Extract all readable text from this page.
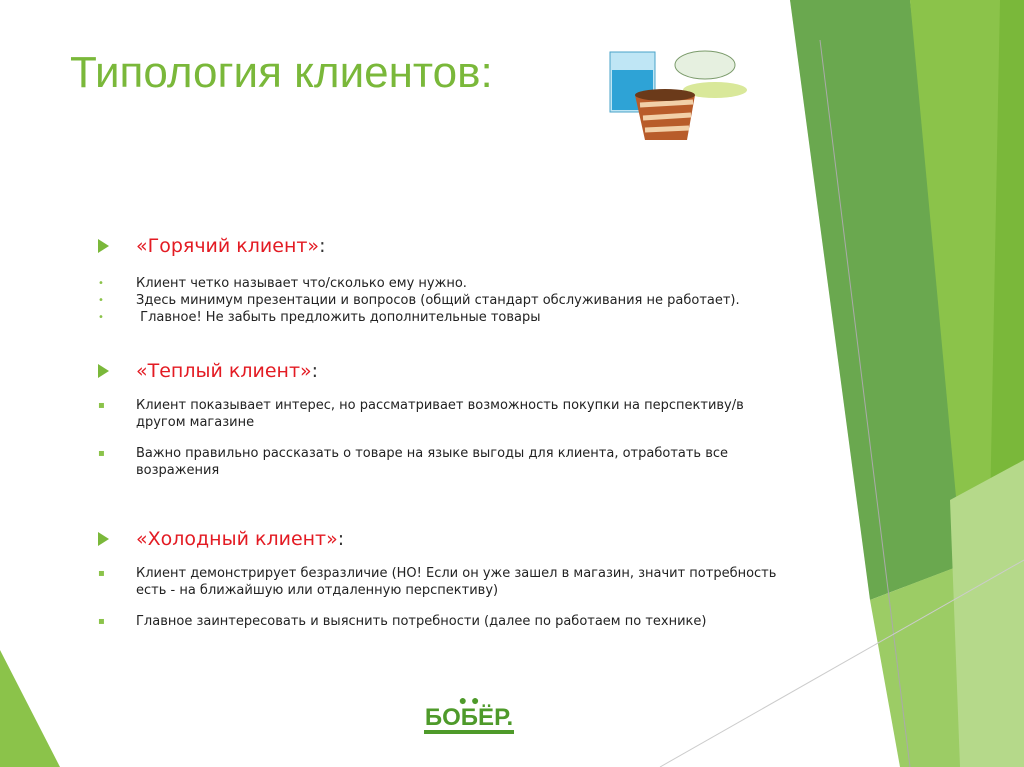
Типология клиентов:
«Горячий клиент»:
• Клиент четко называет что/сколько ему нужно.
• Здесь минимум презентации и вопросов (общий стандарт обслуживания не работает).
•	Главное! Не забыть предложить дополнительные товары
«Теплый клиент»:
▪ Клиент показывает интерес, но рассматривает возможность покупки на перспективу/в другом магазине
▪ Важно правильно рассказать о товаре на языке выгоды для клиента, отработать все возражения
«Холодный клиент»:
▪ Клиент демонстрирует безразличие (НО! Если он уже зашел в магазин, значит потребность есть - на ближайшую или отдаленную перспективу)
▪ Главное заинтересовать и выяснить потребности (далее по работаем по технике)
● ●
БОБЁР.
